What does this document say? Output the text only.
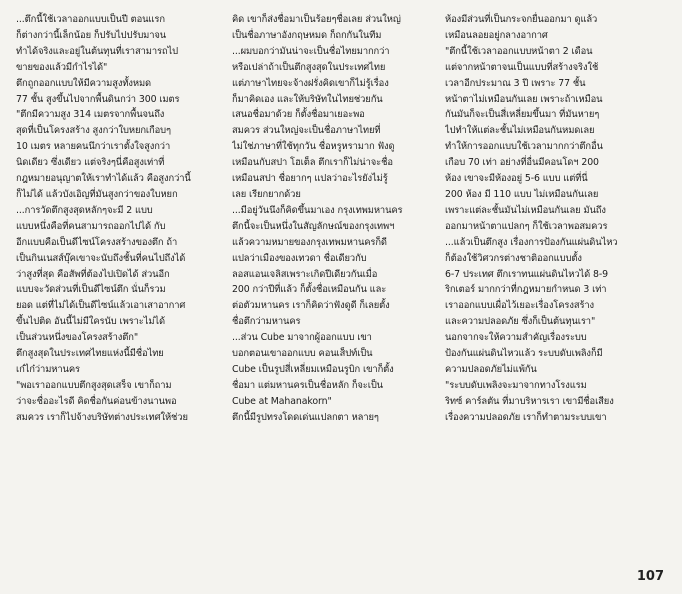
...ตึกนี้ใช้เวลาออกแบบเป็นปี ตอนแรก
ก็ต่างกว่านี้เล็กน้อย ก็ปรับไปปรับมาจน
ทำได้จริงและอยู่ในต้นทุนที่เราสามารถไป
ขายของแล้วมีกำไรได้"

ตึกถูกออกแบบให้มีความสูงทั้งหมด
77 ชั้น สูงขึ้นไปจากพื้นดินกว่า 300 เมตร
"ตึกมีความสูง 314 เมตรจากพื้นจนถึง
สุดที่เป็นโครงสร้าง สูงกว่าใบหยกเกือบๆ
10 เมตร หลายคนนึกว่าเราตั้งใจสูงกว่า
นิดเดียว ซึ่งเดียว แต่จริงๆนี่คือสูงเท่าที่
กฎหมายอนุญาตให้เราทำได้แล้ว คือสูงกว่านี้
ก็ไม่ได้ แล้วบังเอิญที่มันสูงกว่าของใบหยก

...การวัดตึกสูงสุดหลักๆจะมี 2 แบบ
แบบหนึ่งคือที่คนสามารถออกไปได้ กับ
อีกแบบคือเป็นดีไซน์โครงสร้างของตึก ถ้า
เป็นกินเนสส์บุ๊คเขาจะนับถึงชั้นที่คนไปถึงได้
ว่าสูงที่สุด คือสัพที่ต้องไปเปิดได้ ส่วนอีก
แบบจะวัดส่วนที่เป็นดีไซน์ตึก นั่นก็รวม
ยอด แต่ที่ไม่ได้เป็นดีไซน์แล้วเอาเสาอากาศ
ขึ้นไปติด อันนี้ไม่มีใครนับ เพราะไม่ได้
เป็นส่วนหนึ่งของโครงสร้างตึก"

ตึกสูงสุดในประเทศไทยแห่งนี้มีชื่อไทย
เก๋ไก๋ว่ามหานคร

"พอเราออกแบบตึกสูงสุดเสร็จ เขาก็ถาม
ว่าจะชื่ออะไรดี คิดชื่อกันค่อนข้างนานพอ
สมควร เราก็ไปจ้างบริษัทต่างประเทศให้ช่วย

คิด เขาก็ส่งชื่อมาเป็นร้อยๆชื่อเลย ส่วนใหญ่
เป็นชื่อภาษาอังกฤษหมด ก็ถกกันในทีม

...ผมบอกว่ามันน่าจะเป็นชื่อไทยมากกว่า
หรือเปล่าถ้าเป็นตึกสูงสุดในประเทศไทย
แต่ภาษาไทยจะจ้างฝรั่งคิดเขาก็ไม่รู้เรื่อง
ก็มาคิดเอง และให้บริษัทในไทยช่วยกัน
เสนอชื่อมาด้วย ก็ตั้งชื่อมาเยอะพอ
สมควร ส่วนใหญ่จะเป็นชื่อภาษาไทยที่
ไม่ใช่ภาษาที่ใช้ทุกวัน ชื่อหรูหรามาก ฟังดู
เหมือนกับสปา โฮเต็ล ตึกเราก็ไม่น่าจะชื่อ
เหมือนสปา ชื่อยากๆ แปลว่าอะไรยังไม่รู้
เลย เรียกยากด้วย

...มีอยู่วันนึงก็คิดขึ้นมาเอง กรุงเทพมหานคร
ตึกนี้จะเป็นหนึ่งในสัญลักษณ์ของกรุงเทพฯ
แล้วความหมายของกรุงเทพมหานครก็ดี
แปลว่าเมืองของเทวดา ชื่อเดียวกับ
ลอสแอนเจลิสเพราะเกิดปีเดียวกันเมื่อ
200 กว่าปีที่แล้ว ก็ตั้งชื่อเหมือนกัน และ
ต่อตัวมหานคร เราก็คิดว่าฟังดูดี ก็เลยตั้ง
ชื่อตึกว่ามหานคร

...ส่วน Cube มาจากผู้ออกแบบ เขา
บอกตอนเขาออกแบบ คอนเส็ปท์เป็น
Cube เป็นรูปสี่เหลี่ยมเหมือนรูบิก เขาก็ตั้ง
ชื่อมา แต่มหานครเป็นชื่อหลัก ก็จะเป็น
Cube at Mahanakorn"

ตึกนี้มีรูปทรงโดดเด่นแปลกตา หลายๆ

ห้องมีส่วนที่เป็นกระจกยื่นออกมา ดูแล้ว
เหมือนลอยอยู่กลางอากาศ

"ตึกนี้ใช้เวลาออกแบบหน้าตา 2 เดือน
แต่จากหน้าตาจนเป็นแบบที่สร้างจริงใช้
เวลาอีกประมาณ 3 ปี เพราะ 77 ชั้น
หน้าตาไม่เหมือนกันเลย เพราะถ้าเหมือน
กันมันก็จะเป็นสี่เหลี่ยมขึ้นมา ที่มันหายๆ
ไปทำให้แต่ละชั้นไม่เหมือนกันหมดเลย
ทำให้การออกแบบใช้เวลามากกว่าตึกอื่น
เกือบ 70 เท่า อย่างที่อื่นมีคอนโดฯ 200
ห้อง เขาจะมีห้องอยู่ 5-6 แบบ แต่ที่นี่
200 ห้อง มี 110 แบบ ไม่เหมือนกันเลย
เพราะแต่ละชั้นมันไม่เหมือนกันเลย มันถึง
ออกมาหน้าตาแปลกๆ ก็ใช้เวลาพอสมควร

...แล้วเป็นตึกสูง เรื่องการป้องกันแผ่นดินไหว
ก็ต้องใช้วิศวกรต่างชาติออกแบบตั้ง
6-7 ประเทศ ตึกเราทนแผ่นดินไหวได้ 8-9
ริกเตอร์ มากกว่าที่กฎหมายกำหนด 3 เท่า
เราออกแบบเผื่อไว้เยอะเรื่องโครงสร้าง
และความปลอดภัย ซึ่งก็เป็นต้นทุนเรา"

นอกจากจะให้ความสำคัญเรื่องระบบ
ป้องกันแผ่นดินไหวแล้ว ระบบดับเพลิงก็มี
ความปลอดภัยไม่แพ้กัน

"ระบบดับเพลิงจะมาจากทางโรงแรม
ริทซ์ คาร์ลตัน ที่มาบริหารเรา เขามีชื่อเสียง
เรื่องความปลอดภัย เราก็ทำตามระบบเขา

107
